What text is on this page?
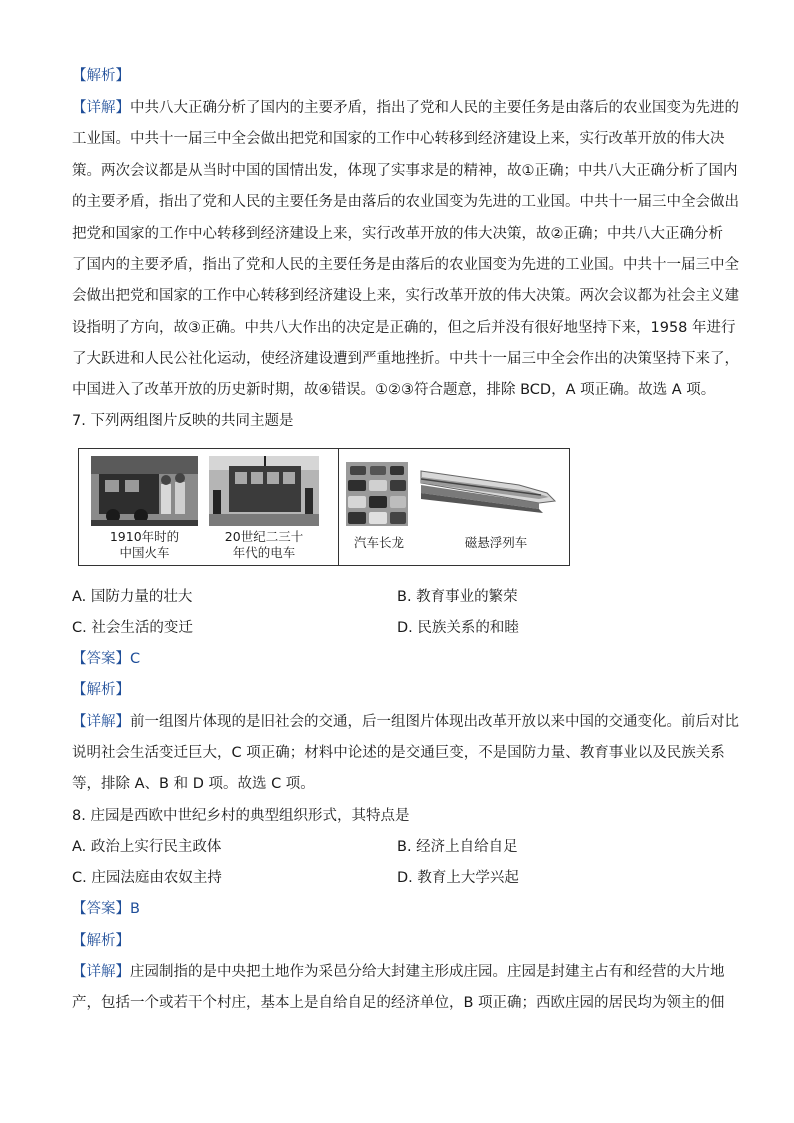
【解析】
【详解】中共八大正确分析了国内的主要矛盾，指出了党和人民的主要任务是由落后的农业国变为先进的
工业国。中共十一届三中全会做出把党和国家的工作中心转移到经济建设上来，实行改革开放的伟大决
策。两次会议都是从当时中国的国情出发，体现了实事求是的精神，故①正确；中共八大正确分析了国内
的主要矛盾，指出了党和人民的主要任务是由落后的农业国变为先进的工业国。中共十一届三中全会做出
把党和国家的工作中心转移到经济建设上来，实行改革开放的伟大决策，故②正确；中共八大正确分析
了国内的主要矛盾，指出了党和人民的主要任务是由落后的农业国变为先进的工业国。中共十一届三中全
会做出把党和国家的工作中心转移到经济建设上来，实行改革开放的伟大决策。两次会议都为社会主义建
设指明了方向，故③正确。中共八大作出的决定是正确的，但之后并没有很好地坚持下来，1958 年进行
了大跃进和人民公社化运动，使经济建设遭到严重地挫折。中共十一届三中全会作出的决策坚持下来了，
中国进入了改革开放的历史新时期，故④错误。①②③符合题意，排除 BCD，A 项正确。故选 A 项。
7. 下列两组图片反映的共同主题是
1910年时的
中国火车
20世纪二三十
年代的电车
汽车长龙	磁悬浮列车
A. 国防力量的壮大	B. 教育事业的繁荣
C. 社会生活的变迁	D. 民族关系的和睦
【答案】C
【解析】
【详解】前一组图片体现的是旧社会的交通，后一组图片体现出改革开放以来中国的交通变化。前后对比
说明社会生活变迁巨大，C 项正确；材料中论述的是交通巨变，不是国防力量、教育事业以及民族关系
等，排除 A、B 和 D 项。故选 C 项。
8. 庄园是西欧中世纪乡村的典型组织形式，其特点是
A. 政治上实行民主政体	B. 经济上自给自足
C. 庄园法庭由农奴主持	D. 教育上大学兴起
【答案】B
【解析】
【详解】庄园制指的是中央把土地作为采邑分给大封建主形成庄园。庄园是封建主占有和经营的大片地
产，包括一个或若干个村庄，基本上是自给自足的经济单位，B 项正确；西欧庄园的居民均为领主的佃
